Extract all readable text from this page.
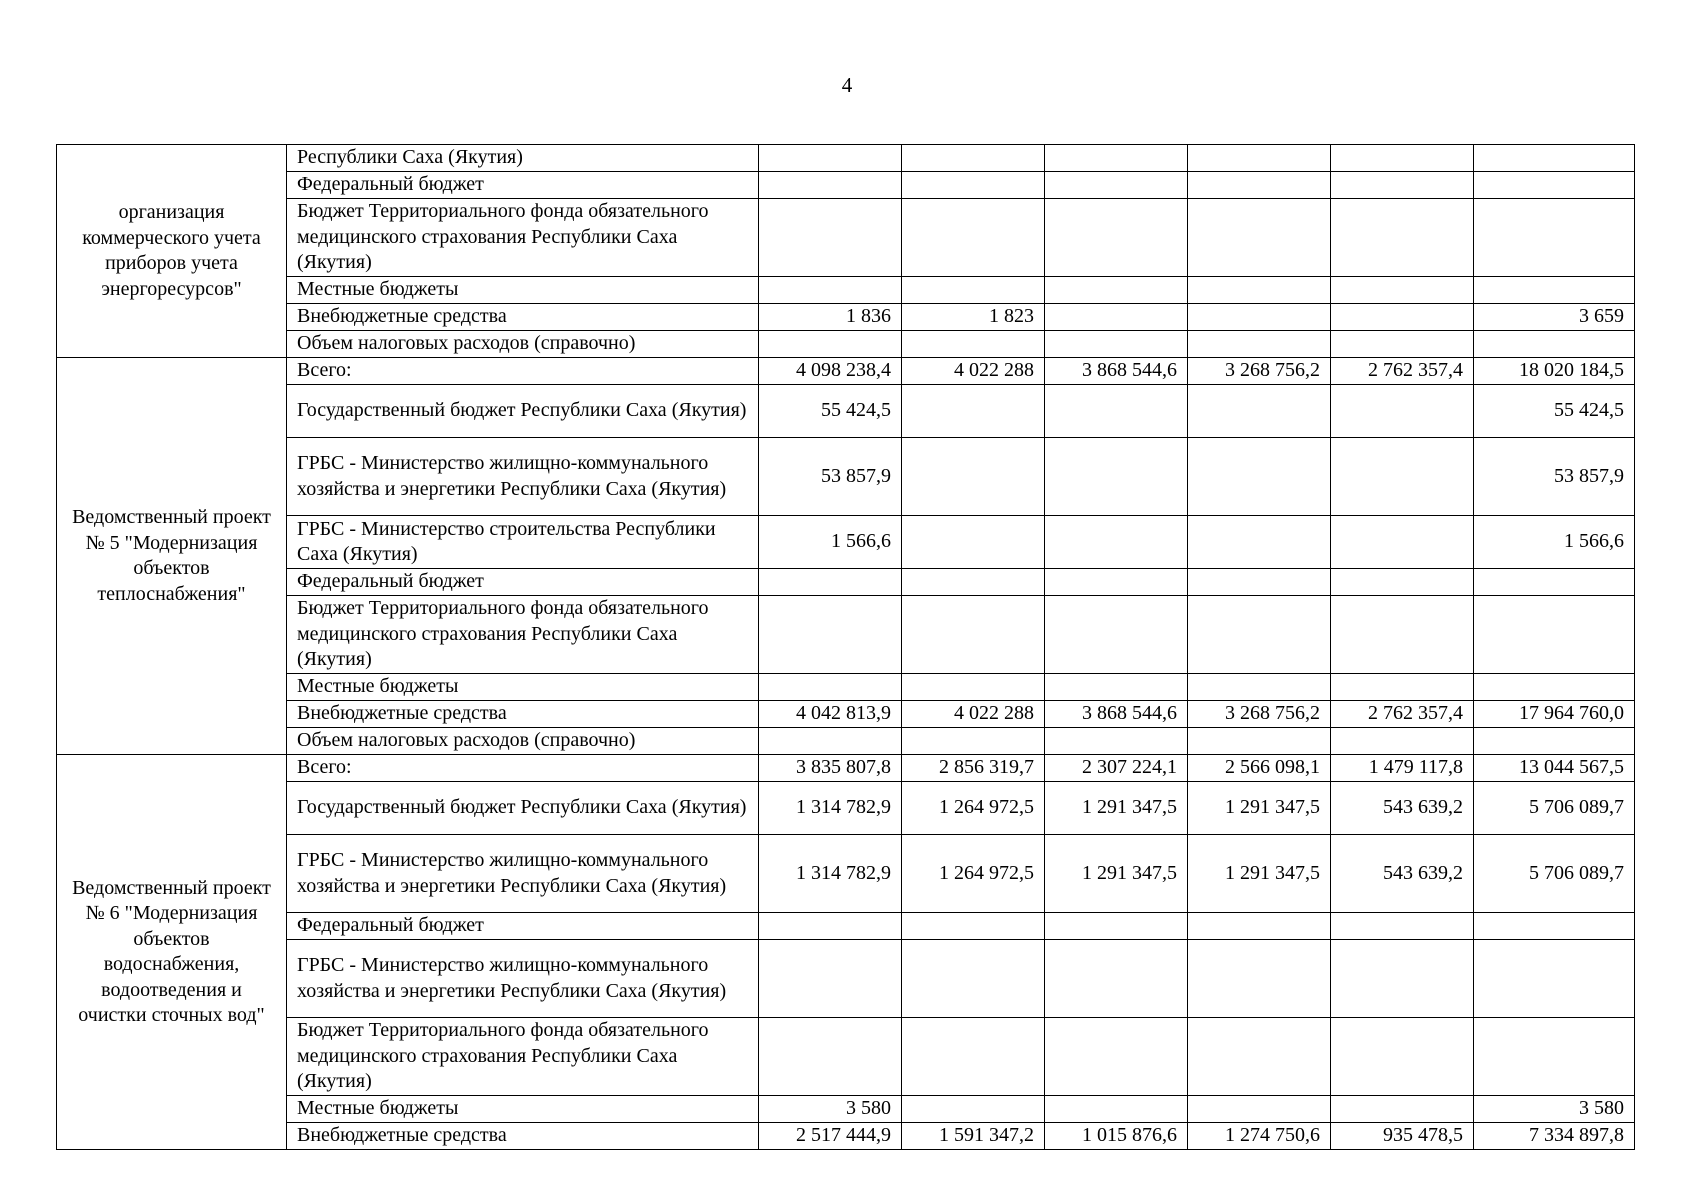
4
организация коммерческого учета приборов учета энергоресурсов"	Республики Саха (Якутия)						
	Федеральный бюджет						
	Бюджет Территориального фонда обязательного медицинского страхования Республики Саха (Якутия)						
	Местные бюджеты						
	Внебюджетные средства	1 836	1 823				3 659
	Объем налоговых расходов (справочно)						
Ведомственный проект № 5 "Модернизация объектов теплоснабжения"	Всего:	4 098 238,4	4 022 288	3 868 544,6	3 268 756,2	2 762 357,4	18 020 184,5
	Государственный бюджет Республики Саха (Якутия)	55 424,5					55 424,5
	ГРБС - Министерство жилищно-коммунального хозяйства и энергетики Республики Саха (Якутия)	53 857,9					53 857,9
	ГРБС - Министерство строительства Республики Саха (Якутия)	1 566,6					1 566,6
	Федеральный бюджет						
	Бюджет Территориального фонда обязательного медицинского страхования Республики Саха (Якутия)						
	Местные бюджеты						
	Внебюджетные средства	4 042 813,9	4 022 288	3 868 544,6	3 268 756,2	2 762 357,4	17 964 760,0
	Объем налоговых расходов (справочно)						
Ведомственный проект № 6 "Модернизация объектов водоснабжения, водоотведения и очистки сточных вод"	Всего:	3 835 807,8	2 856 319,7	2 307 224,1	2 566 098,1	1 479 117,8	13 044 567,5
	Государственный бюджет Республики Саха (Якутия)	1 314 782,9	1 264 972,5	1 291 347,5	1 291 347,5	543 639,2	5 706 089,7
	ГРБС - Министерство жилищно-коммунального хозяйства и энергетики Республики Саха (Якутия)	1 314 782,9	1 264 972,5	1 291 347,5	1 291 347,5	543 639,2	5 706 089,7
	Федеральный бюджет						
	ГРБС - Министерство жилищно-коммунального хозяйства и энергетики Республики Саха (Якутия)						
	Бюджет Территориального фонда обязательного медицинского страхования Республики Саха (Якутия)						
	Местные бюджеты	3 580					3 580
	Внебюджетные средства	2 517 444,9	1 591 347,2	1 015 876,6	1 274 750,6	935 478,5	7 334 897,8
